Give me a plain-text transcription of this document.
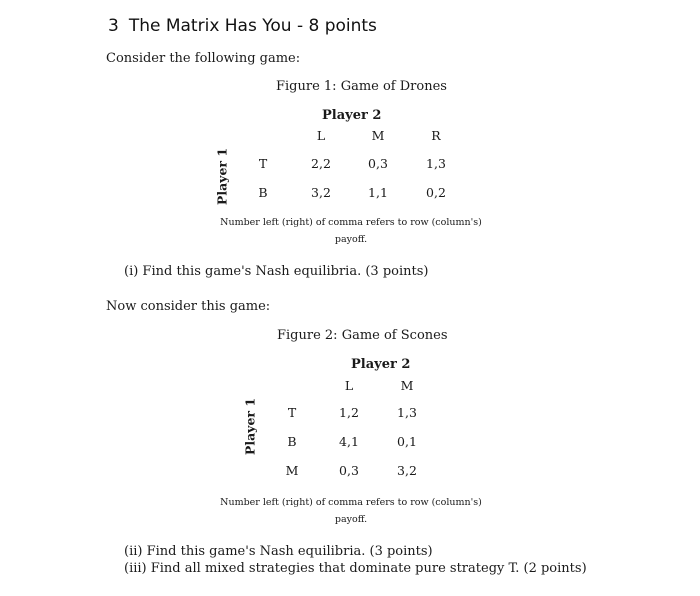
3 The Matrix Has You - 8 points
Consider the following game:
Figure 1: Game of Drones
Player 2
L	M	R
Player 1	T	2,2	0,3	1,3
B	3,2	1,1	0,2
Number left (right) of comma refers to row (column's)
payoff.
(i) Find this game's Nash equilibria. (3 points)
Now consider this game:
Figure 2: Game of Scones
Player 2
L	M
Player 1	T	1,2	1,3
B	4,1	0,1
M	0,3	3,2
Number left (right) of comma refers to row (column's)
payoff.
(ii) Find this game's Nash equilibria. (3 points)
(iii) Find all mixed strategies that dominate pure strategy T. (2 points)
